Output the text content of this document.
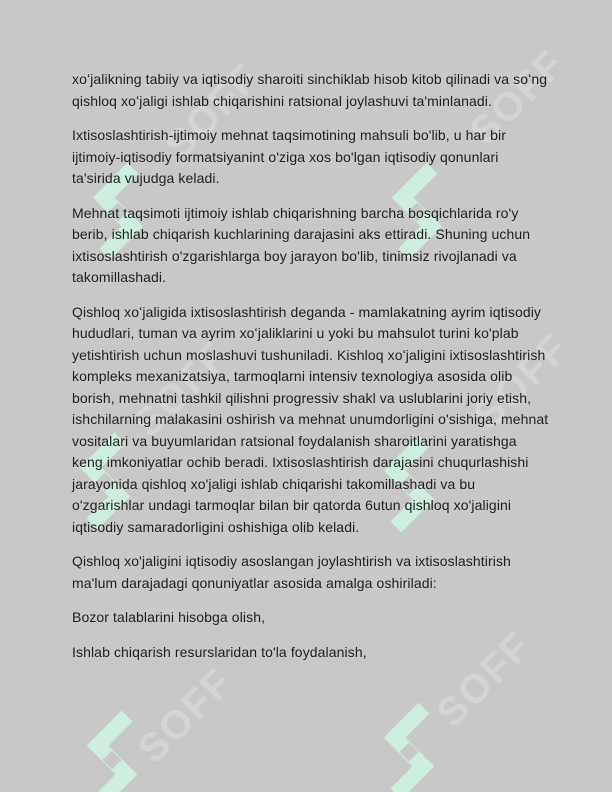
SOFF	SOFF
SOFF	SOFF
SOFF	SOFF

xoʻjalikning tabiiy va iqtisodiy sharoiti sinchiklab hisob kitob qilinadi va soʻng qishloq xoʻjaligi ishlab chiqarishini ratsional joylashuvi ta'minlanadi.

Ixtisoslashtirish-ijtimoiy mehnat taqsimotining mahsuli bo'lib, u har bir ijtimoiy-iqtisodiy formatsiyanint o'ziga xos bo'lgan iqtisodiy qonunlari ta'sirida vujudga keladi.

Mehnat taqsimoti ijtimoiy ishlab chiqarishning barcha bosqichlarida ro'y berib, ishlab chiqarish kuchlarining darajasini aks ettiradi. Shuning uchun ixtisoslashtirish o'zgarishlarga boy jarayon bo'lib, tinimsiz rivojlanadi va takomillashadi.

Qishloq xoʻjaligida ixtisoslashtirish deganda - mamlakatning ayrim iqtisodiy hududlari, tuman va ayrim xoʻjaliklarini u yoki bu mahsulot turini ko'plab yetishtirish uchun moslashuvi tushuniladi. Kishloq xoʻjaligini ixtisoslashtirish kompleks mexanizatsiya, tarmoqlarni intensiv texnologiya asosida olib borish, mehnatni tashkil qilishni progressiv shakl va uslublarini joriy etish, ishchilarning malakasini oshirish va mehnat unumdorligini o'sishiga, mehnat vositalari va buyumlaridan ratsional foydalanish sharoitlarini yaratishga keng imkoniyatlar ochib beradi. Ixtisoslashtirish darajasini chuqurlashishi jarayonida qishloq xo'jaligi ishlab chiqarishi takomillashadi va bu o'zgarishlar undagi tarmoqlar bilan bir qatorda 6utun qishloq xo'jaligini iqtisodiy samaradorligini oshishiga olib keladi.

Qishloq xo'jaligini iqtisodiy asoslangan joylashtirish va ixtisoslashtirish ma'lum darajadagi qonuniyatlar asosida amalga oshiriladi:

Bozor talablarini hisobga olish,

Ishlab chiqarish resurslaridan to'la foydalanish,
